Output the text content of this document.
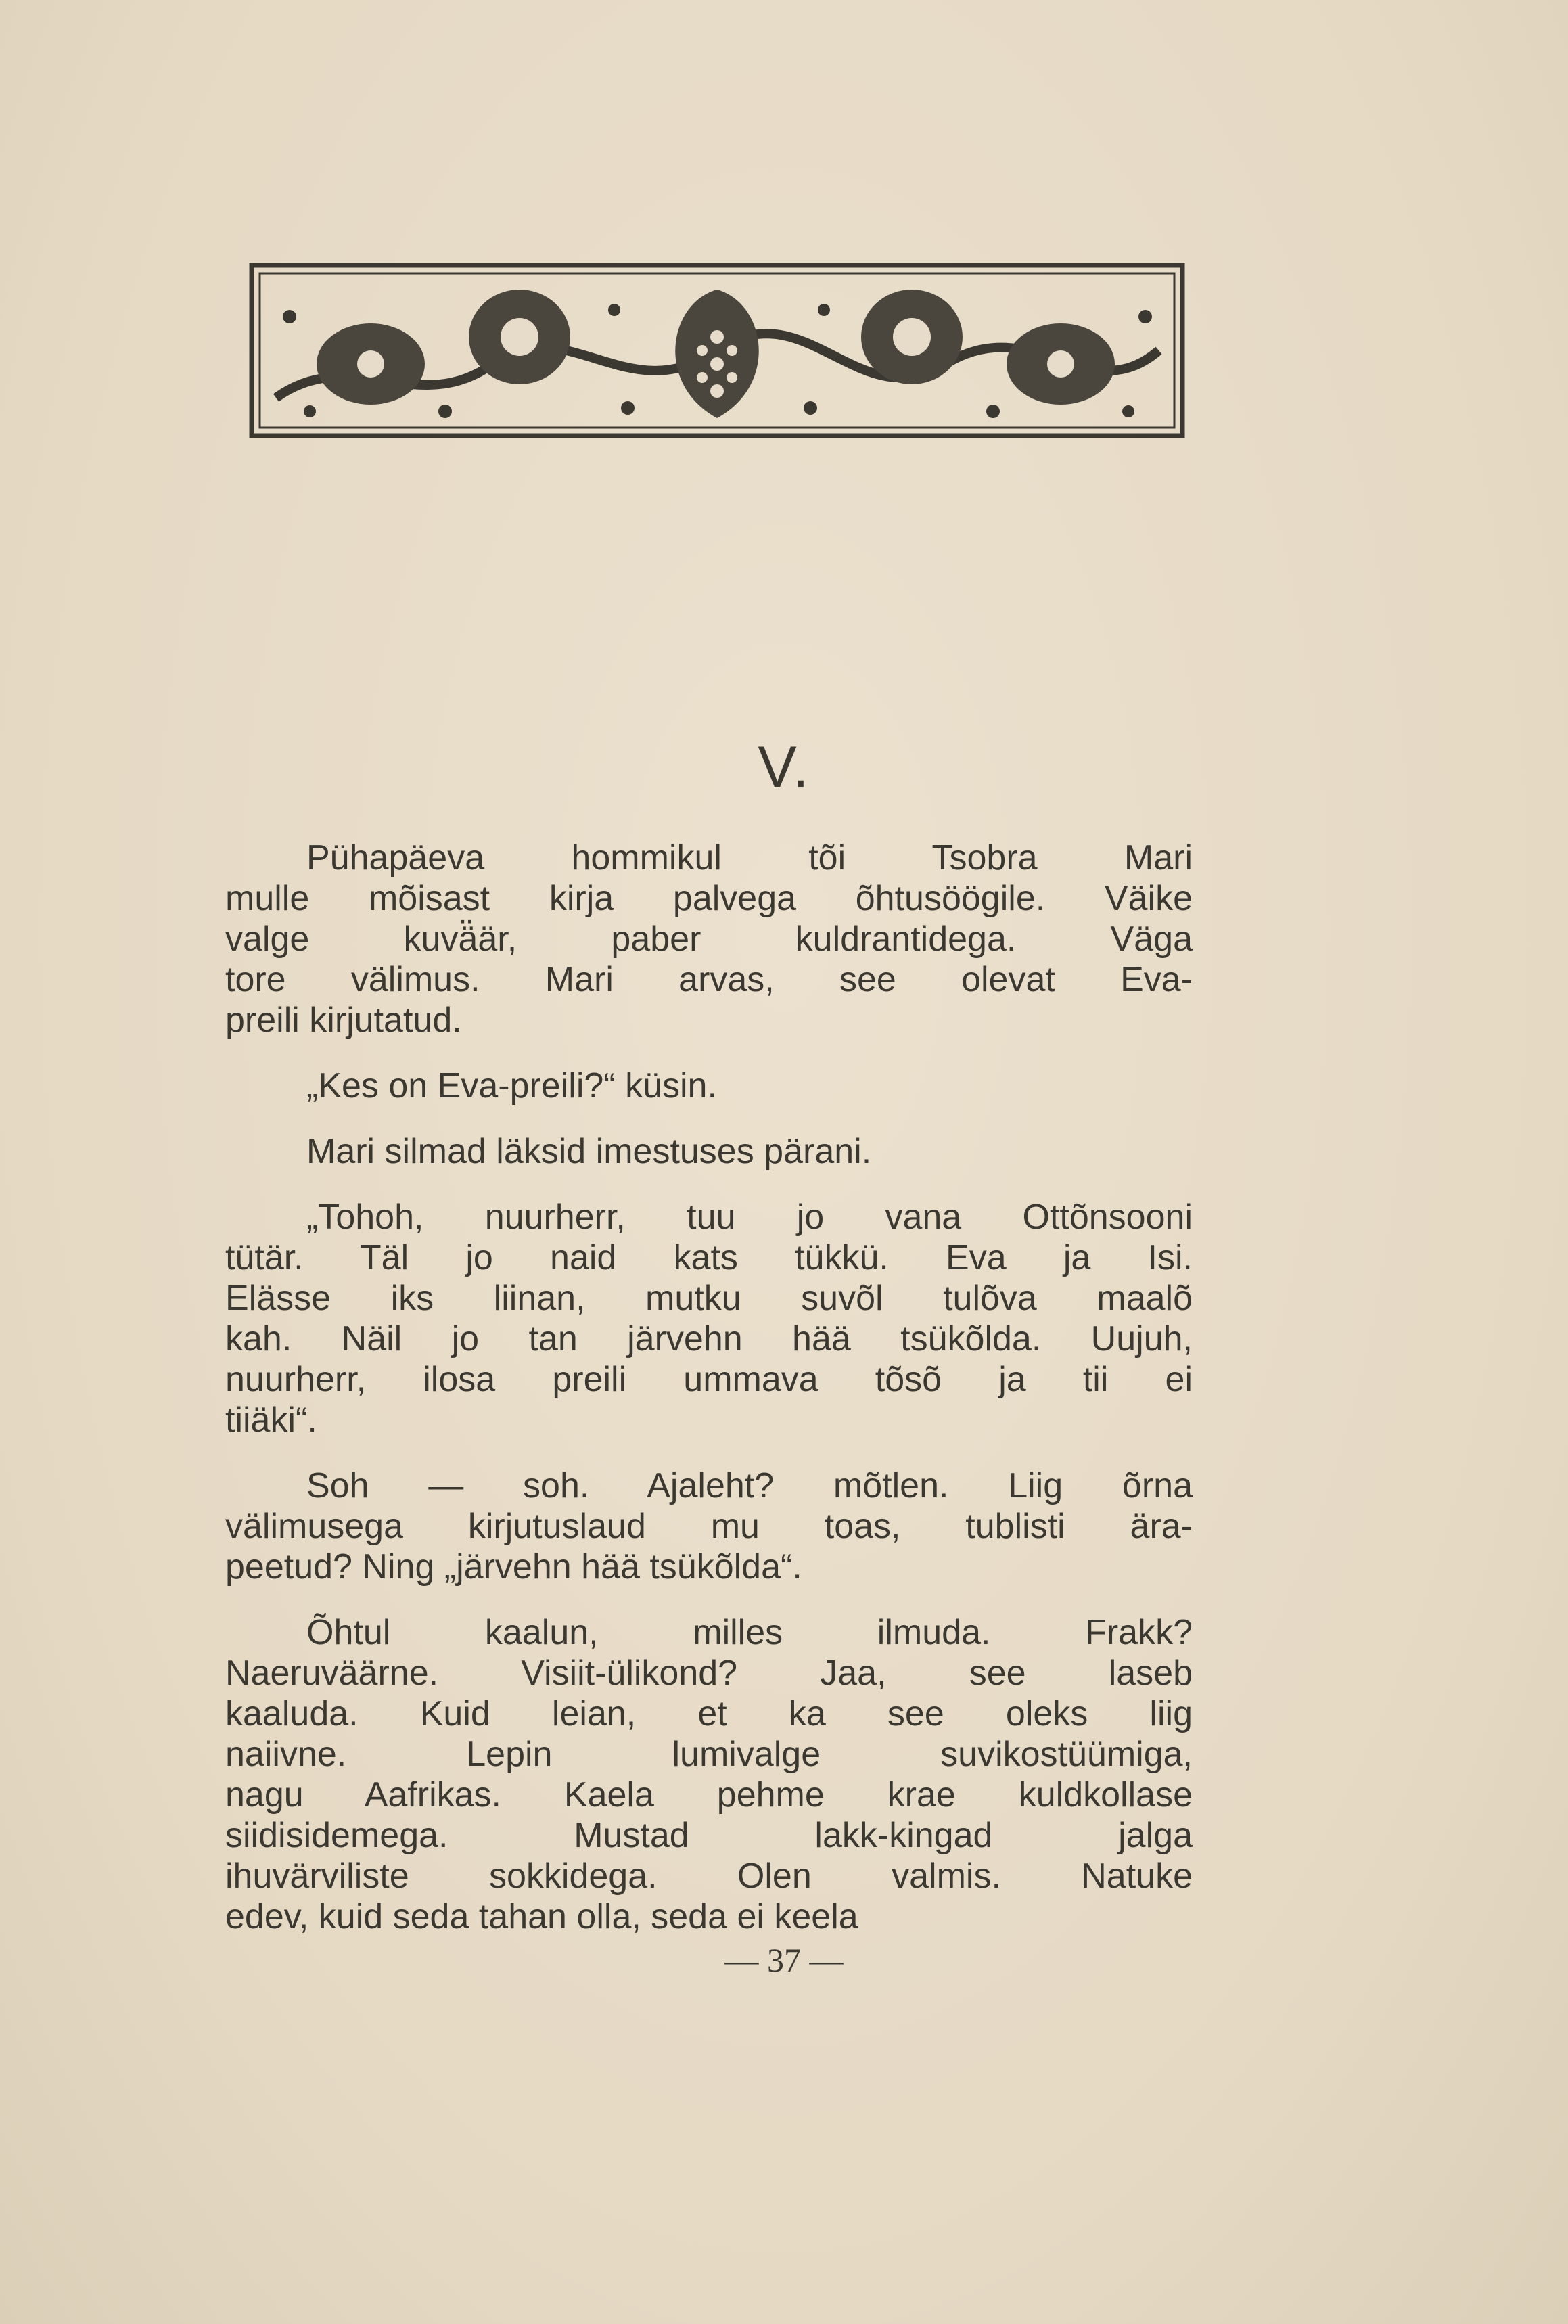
V.
Pühapäeva hommikul tõi Tsobra Mari
mulle mõisast kirja palvega õhtusöögile. Väike
valge kuvä̈är, paber kuldrantidega. Väga
tore välimus. Mari arvas, see olevat Eva-
preili kirjutatud.
„Kes on Eva-preili?“ küsin.
Mari silmad läksid imestuses pärani.
„Tohoh, nuurherr, tuu jo vana Ottõnsooni
tütär. Täl jo naid kats tükkü. Eva ja Isi.
Elässe iks liinan, mutku suvõl tulõva maalõ
kah. Näil jo tan järvehn hää tsükõlda. Uujuh,
nuurherr, ilosa preili ummava tõsõ ja tii ei
tiiäki“.
Soh — soh. Ajaleht? mõtlen. Liig õrna
välimusega kirjutuslaud mu toas, tublisti ära-
peetud? Ning „järvehn hää tsükõlda“.
Õhtul kaalun, milles ilmuda. Frakk?
Naeruväärne. Visiit-ülikond? Jaa, see laseb
kaaluda. Kuid leian, et ka see oleks liig
naiivne. Lepin lumivalge suvikostüümiga,
nagu Aafrikas. Kaela pehme krae kuldkollase
siidisidemega. Mustad lakk-kingad jalga
ihuvärviliste sokkidega. Olen valmis. Natuke
edev, kuid seda tahan olla, seda ei keela
— 37 —
